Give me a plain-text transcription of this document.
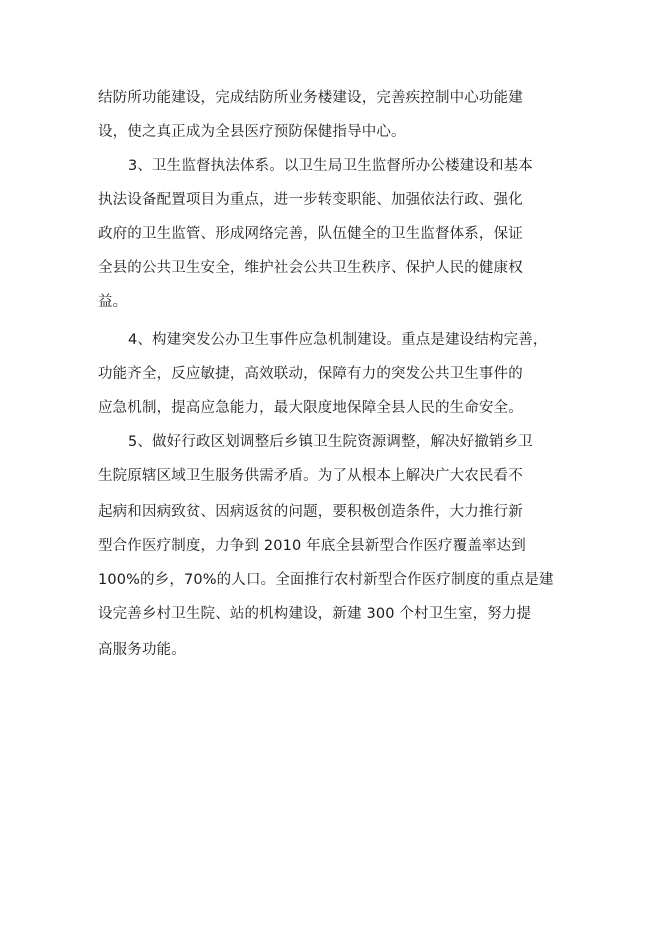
结防所功能建设，完成结防所业务楼建设，完善疾控制中心功能建

设，使之真正成为全县医疗预防保健指导中心。

3、卫生监督执法体系。以卫生局卫生监督所办公楼建设和基本

执法设备配置项目为重点，进一步转变职能、加强依法行政、强化

政府的卫生监管、形成网络完善，队伍健全的卫生监督体系，保证

全县的公共卫生安全，维护社会公共卫生秩序、保护人民的健康权

益。

4、构建突发公办卫生事件应急机制建设。重点是建设结构完善，

功能齐全，反应敏捷，高效联动，保障有力的突发公共卫生事件的

应急机制，提高应急能力，最大限度地保障全县人民的生命安全。

5、做好行政区划调整后乡镇卫生院资源调整，解决好撤销乡卫

生院原辖区域卫生服务供需矛盾。为了从根本上解决广大农民看不

起病和因病致贫、因病返贫的问题，要积极创造条件，大力推行新

型合作医疗制度，力争到 2010 年底全县新型合作医疗覆盖率达到

100%的乡，70%的人口。全面推行农村新型合作医疗制度的重点是建

设完善乡村卫生院、站的机构建设，新建 300 个村卫生室，努力提

高服务功能。
